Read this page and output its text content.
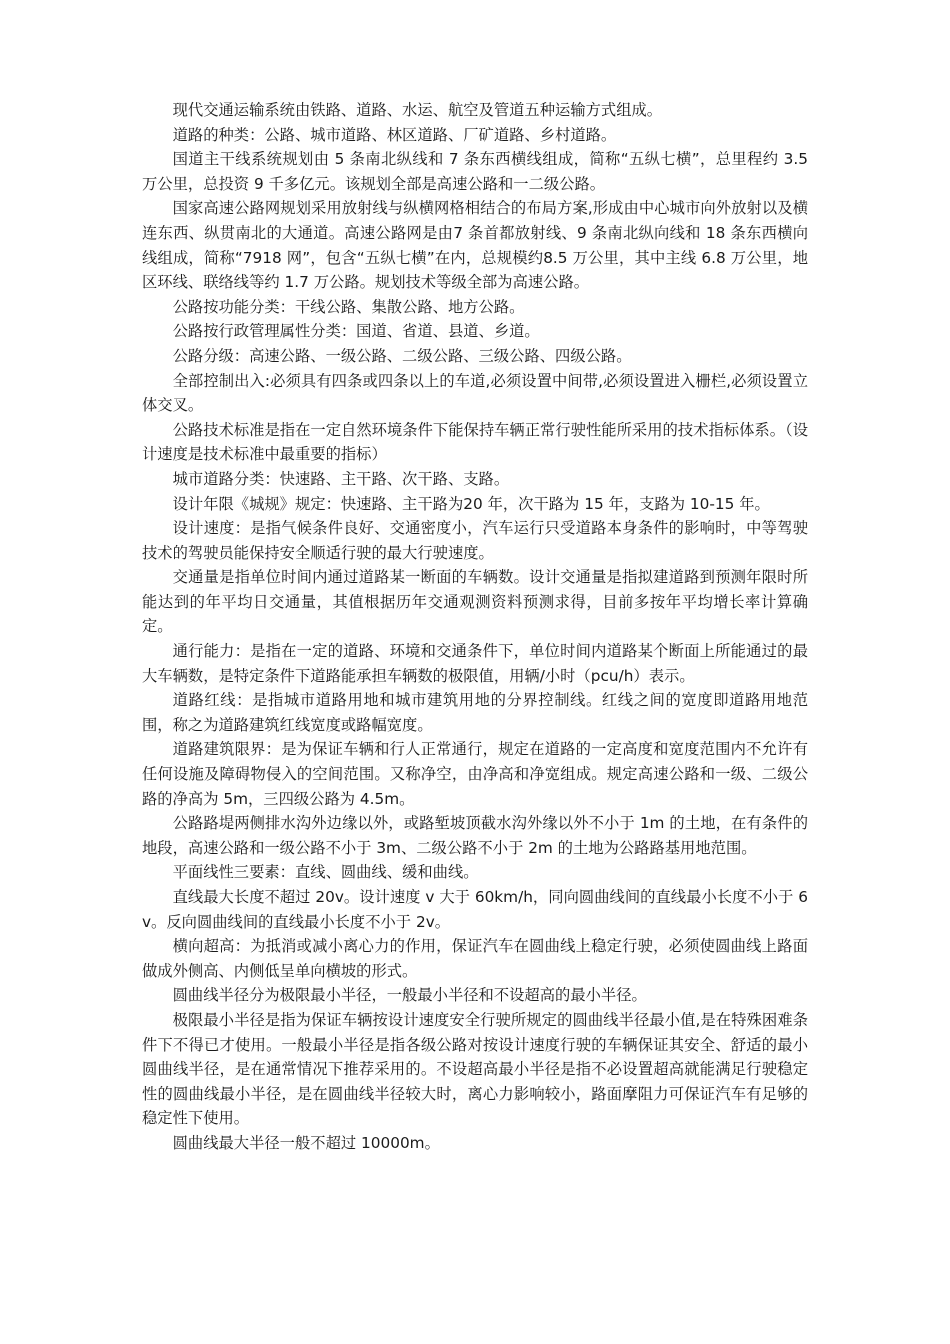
现代交通运输系统由铁路、道路、水运、航空及管道五种运输方式组成。

道路的种类：公路、城市道路、林区道路、厂矿道路、乡村道路。

国道主干线系统规划由 5 条南北纵线和 7 条东西横线组成，简称“五纵七横”，总里程约 3.5 万公里，总投资 9 千多亿元。该规划全部是高速公路和一二级公路。

国家高速公路网规划采用放射线与纵横网格相结合的布局方案,形成由中心城市向外放射以及横连东西、纵贯南北的大通道。高速公路网是由7 条首都放射线、9 条南北纵向线和 18 条东西横向线组成，简称“7918 网”，包含“五纵七横”在内，总规模约8.5 万公里，其中主线 6.8 万公里，地区环线、联络线等约 1.7 万公路。规划技术等级全部为高速公路。

公路按功能分类：干线公路、集散公路、地方公路。

公路按行政管理属性分类：国道、省道、县道、乡道。

公路分级：高速公路、一级公路、二级公路、三级公路、四级公路。

全部控制出入:必须具有四条或四条以上的车道,必须设置中间带,必须设置进入栅栏,必须设置立体交叉。

公路技术标准是指在一定自然环境条件下能保持车辆正常行驶性能所采用的技术指标体系。（设计速度是技术标准中最重要的指标）

城市道路分类：快速路、主干路、次干路、支路。

设计年限《城规》规定：快速路、主干路为20 年，次干路为 15 年，支路为 10-15 年。

设计速度：是指气候条件良好、交通密度小，汽车运行只受道路本身条件的影响时，中等驾驶技术的驾驶员能保持安全顺适行驶的最大行驶速度。

交通量是指单位时间内通过道路某一断面的车辆数。设计交通量是指拟建道路到预测年限时所能达到的年平均日交通量，其值根据历年交通观测资料预测求得，目前多按年平均增长率计算确定。

通行能力：是指在一定的道路、环境和交通条件下，单位时间内道路某个断面上所能通过的最大车辆数，是特定条件下道路能承担车辆数的极限值，用辆/小时（pcu/h）表示。

道路红线：是指城市道路用地和城市建筑用地的分界控制线。红线之间的宽度即道路用地范围，称之为道路建筑红线宽度或路幅宽度。

道路建筑限界：是为保证车辆和行人正常通行，规定在道路的一定高度和宽度范围内不允许有任何设施及障碍物侵入的空间范围。又称净空，由净高和净宽组成。规定高速公路和一级、二级公路的净高为 5m，三四级公路为 4.5m。

公路路堤两侧排水沟外边缘以外，或路堑坡顶截水沟外缘以外不小于 1m 的土地，在有条件的地段，高速公路和一级公路不小于 3m、二级公路不小于 2m 的土地为公路路基用地范围。

平面线性三要素：直线、圆曲线、缓和曲线。

直线最大长度不超过 20v。设计速度 v 大于 60km/h，同向圆曲线间的直线最小长度不小于 6v。反向圆曲线间的直线最小长度不小于 2v。

横向超高：为抵消或减小离心力的作用，保证汽车在圆曲线上稳定行驶，必须使圆曲线上路面做成外侧高、内侧低呈单向横坡的形式。

圆曲线半径分为极限最小半径，一般最小半径和不设超高的最小半径。

极限最小半径是指为保证车辆按设计速度安全行驶所规定的圆曲线半径最小值,是在特殊困难条件下不得已才使用。一般最小半径是指各级公路对按设计速度行驶的车辆保证其安全、舒适的最小圆曲线半径，是在通常情况下推荐采用的。不设超高最小半径是指不必设置超高就能满足行驶稳定性的圆曲线最小半径，是在圆曲线半径较大时，离心力影响较小，路面摩阻力可保证汽车有足够的稳定性下使用。

圆曲线最大半径一般不超过 10000m。
